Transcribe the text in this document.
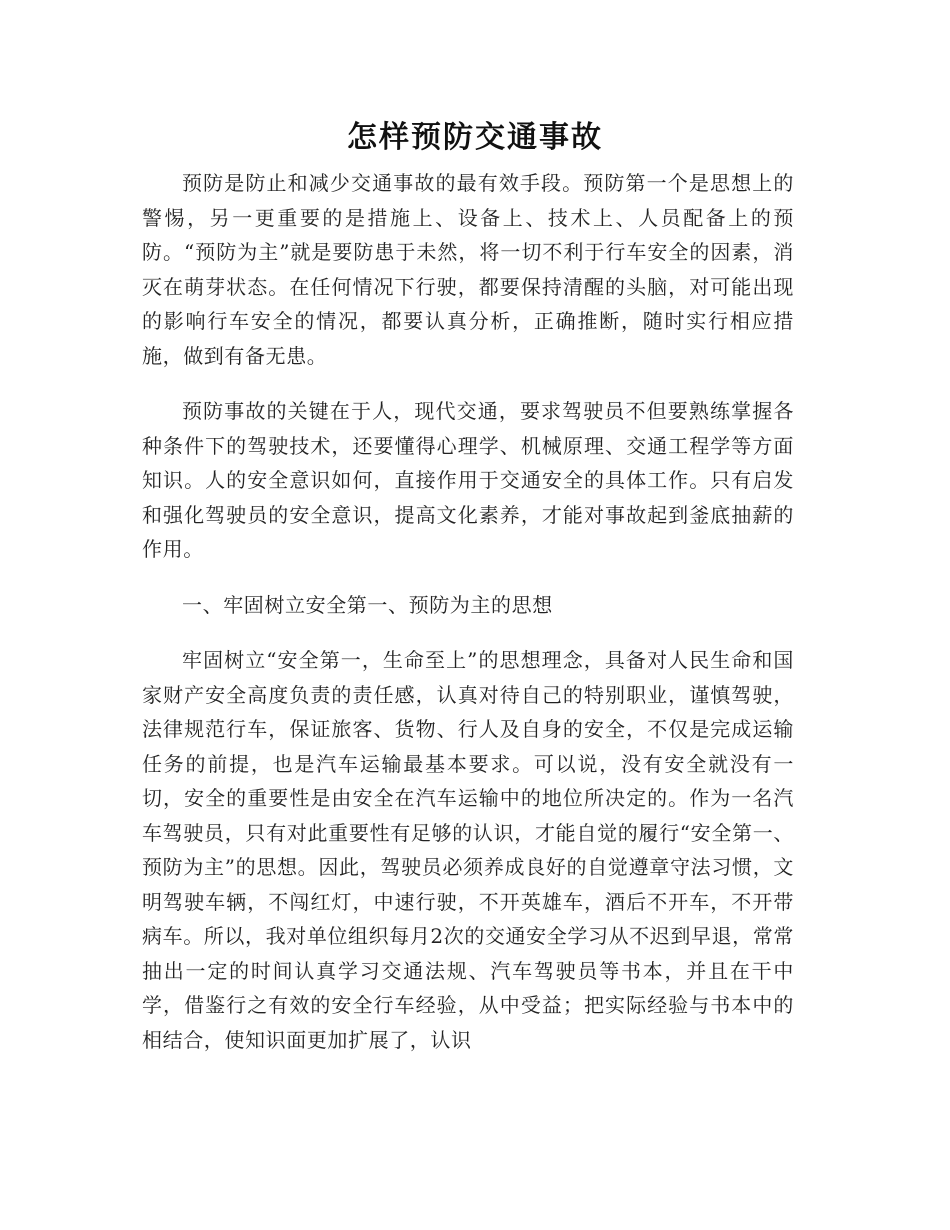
怎样预防交通事故

预防是防止和减少交通事故的最有效手段。预防第一个是思想上的警惕，另一更重要的是措施上、设备上、技术上、人员配备上的预防。“预防为主”就是要防患于未然，将一切不利于行车安全的因素，消灭在萌芽状态。在任何情况下行驶，都要保持清醒的头脑，对可能出现的影响行车安全的情况，都要认真分析，正确推断，随时实行相应措施，做到有备无患。

预防事故的关键在于人，现代交通，要求驾驶员不但要熟练掌握各种条件下的驾驶技术，还要懂得心理学、机械原理、交通工程学等方面知识。人的安全意识如何，直接作用于交通安全的具体工作。只有启发和强化驾驶员的安全意识，提高文化素养，才能对事故起到釜底抽薪的作用。

一、牢固树立安全第一、预防为主的思想

牢固树立“安全第一，生命至上”的思想理念，具备对人民生命和国家财产安全高度负责的责任感，认真对待自己的特别职业，谨慎驾驶，法律规范行车，保证旅客、货物、行人及自身的安全，不仅是完成运输任务的前提，也是汽车运输最基本要求。可以说，没有安全就没有一切，安全的重要性是由安全在汽车运输中的地位所决定的。作为一名汽车驾驶员，只有对此重要性有足够的认识，才能自觉的履行“安全第一、预防为主”的思想。因此，驾驶员必须养成良好的自觉遵章守法习惯，文明驾驶车辆，不闯红灯，中速行驶，不开英雄车，酒后不开车，不开带病车。所以，我对单位组织每月2次的交通安全学习从不迟到早退，常常抽出一定的时间认真学习交通法规、汽车驾驶员等书本，并且在干中学，借鉴行之有效的安全行车经验，从中受益；把实际经验与书本中的相结合，使知识面更加扩展了，认识
